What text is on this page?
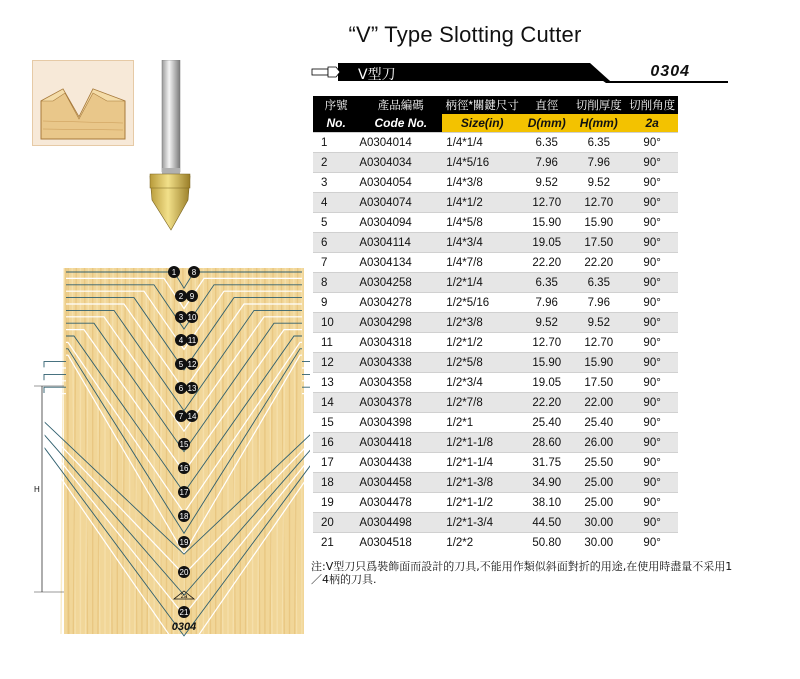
“V” Type Slotting Cutter
V型刀	0304
序號	產品編碼	柄徑*關鍵尺寸	直徑	切削厚度	切削角度
No.	Code No.	Size(in)	D(mm)	H(mm)	2a
1	A0304014	1/4*1/4	6.35	6.35	90°
2	A0304034	1/4*5/16	7.96	7.96	90°
3	A0304054	1/4*3/8	9.52	9.52	90°
4	A0304074	1/4*1/2	12.70	12.70	90°
5	A0304094	1/4*5/8	15.90	15.90	90°
6	A0304114	1/4*3/4	19.05	17.50	90°
7	A0304134	1/4*7/8	22.20	22.20	90°
8	A0304258	1/2*1/4	6.35	6.35	90°
9	A0304278	1/2*5/16	7.96	7.96	90°
10	A0304298	1/2*3/8	9.52	9.52	90°
11	A0304318	1/2*1/2	12.70	12.70	90°
12	A0304338	1/2*5/8	15.90	15.90	90°
13	A0304358	1/2*3/4	19.05	17.50	90°
14	A0304378	1/2*7/8	22.20	22.00	90°
15	A0304398	1/2*1	25.40	25.40	90°
16	A0304418	1/2*1-1/8	28.60	26.00	90°
17	A0304438	1/2*1-1/4	31.75	25.50	90°
18	A0304458	1/2*1-3/8	34.90	25.00	90°
19	A0304478	1/2*1-1/2	38.10	25.00	90°
20	A0304498	1/2*1-3/4	44.50	30.00	90°
21	A0304518	1/2*2	50.80	30.00	90°
注:V型刀只爲裝飾面而設計的刀具,不能用作類似斜面對折的用途,在使用時盡量不采用1／4柄的刀具.
1 8
2 9
3 10
4 11
5 12
6 13
7 14
15
16
17
18
19
20
21
2a
0304
H
